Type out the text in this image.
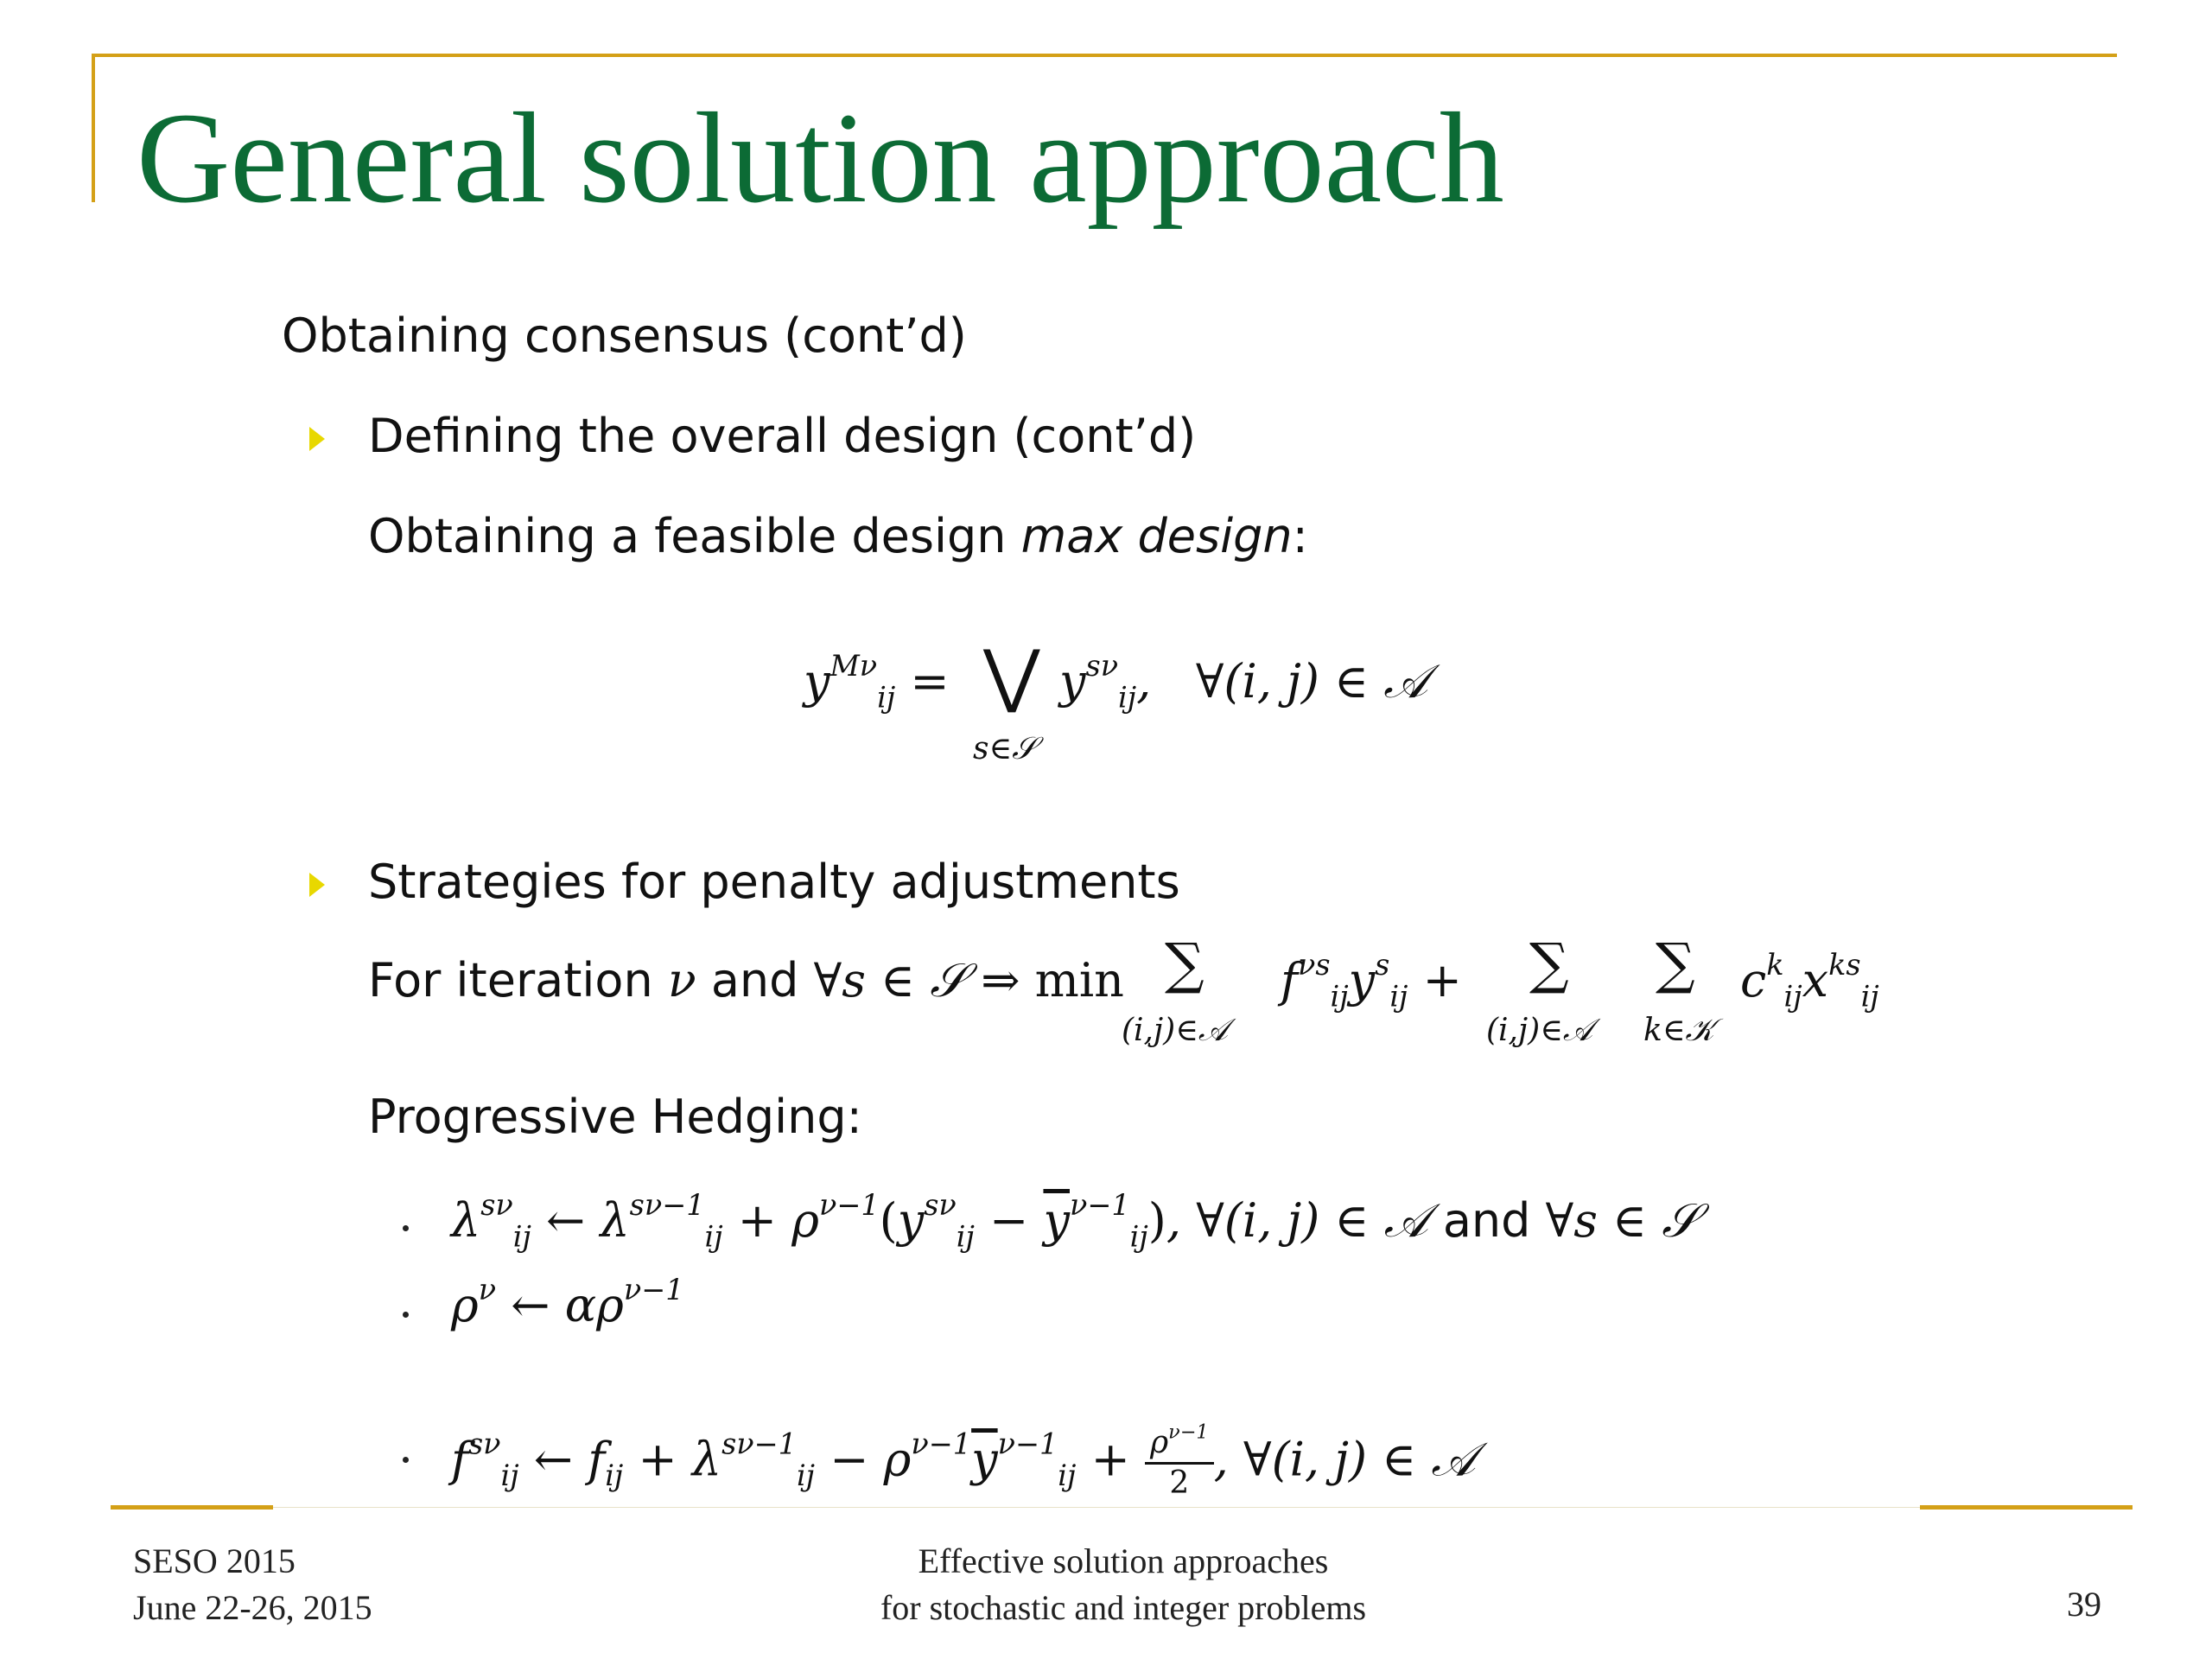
General solution approach
Obtaining consensus (cont’d)
Defining the overall design (cont’d)
Obtaining a feasible design max design:
$y^{M\nu}_{ij}$ = ⋁
s∈𝒮
$y^{s\nu}_{ij}$,   ∀(i, j) ∈ 𝒜
Strategies for penalty adjustments
For iteration ν and ∀s ∈ 𝒮 ⇒ min ∑
(i,j)∈𝒜
$f^{\nu s}_{ij}y^s_{ij}$ + ∑
(i,j)∈𝒜
∑
k∈𝒦
$c^k_{ij}x^{ks}_{ij}$
Progressive Hedging:
$\lambda^{s\nu}_{ij}$ ← $\lambda^{s\nu-1}_{ij} + \rho^{\nu-1}(y^{s\nu}_{ij} - \overline{y}^{\nu-1}_{ij})$, ∀(i, j) ∈ 𝒜 and ∀s ∈ 𝒮
$\rho^\nu$ ← $\alpha\rho^{\nu-1}$
$f^{s\nu}_{ij}$ ← $f_{ij} + \lambda^{s\nu-1}_{ij} - \rho^{\nu-1}\overline{y}^{\nu-1}_{ij} + \frac{\rho^{\nu-1}}{2}$ , ∀(i, j) ∈ 𝒜
SESO 2015
June 22-26, 2015
Effective solution approaches
for stochastic and integer problems	39
